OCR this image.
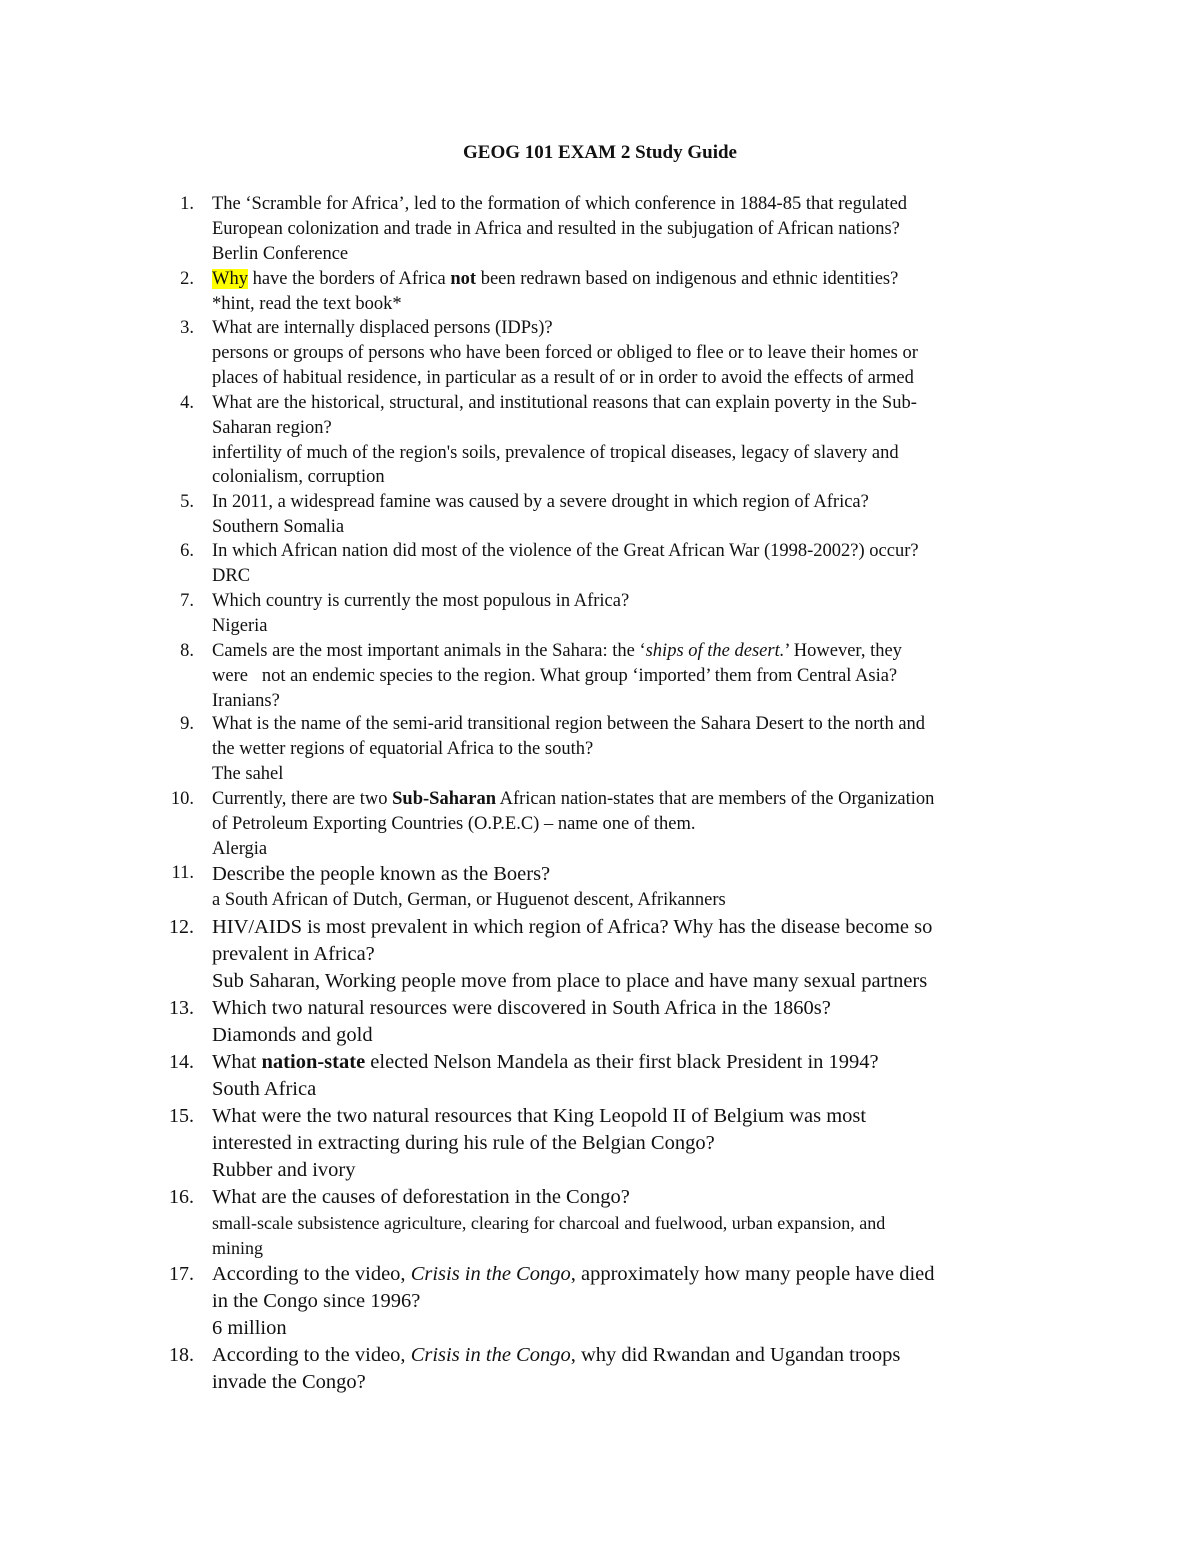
GEOG 101 EXAM 2 Study Guide
1. The ‘Scramble for Africa’, led to the formation of which conference in 1884-85 that regulated
European colonization and trade in Africa and resulted in the subjugation of African nations?
Berlin Conference
2. Why have the borders of Africa not been redrawn based on indigenous and ethnic identities?
*hint, read the text book*
3. What are internally displaced persons (IDPs)?
persons or groups of persons who have been forced or obliged to flee or to leave their homes or
places of habitual residence, in particular as a result of or in order to avoid the effects of armed
4. What are the historical, structural, and institutional reasons that can explain poverty in the Sub-
Saharan region?
infertility of much of the region's soils, prevalence of tropical diseases, legacy of slavery and
colonialism, corruption
5. In 2011, a widespread famine was caused by a severe drought in which region of Africa?
Southern Somalia
6. In which African nation did most of the violence of the Great African War (1998-2002?) occur?
DRC
7. Which country is currently the most populous in Africa?
Nigeria
8. Camels are the most important animals in the Sahara: the ‘ships of the desert.’ However, they
were   not an endemic species to the region. What group ‘imported’ them from Central Asia?
Iranians?
9. What is the name of the semi-arid transitional region between the Sahara Desert to the north and
the wetter regions of equatorial Africa to the south?
The sahel
10. Currently, there are two Sub-Saharan African nation-states that are members of the Organization
of Petroleum Exporting Countries (O.P.E.C) – name one of them.
Alergia
11. Describe the people known as the Boers?
a South African of Dutch, German, or Huguenot descent, Afrikanners
12. HIV/AIDS is most prevalent in which region of Africa? Why has the disease become so
prevalent in Africa?
Sub Saharan, Working people move from place to place and have many sexual partners
13. Which two natural resources were discovered in South Africa in the 1860s?
Diamonds and gold
14. What nation-state elected Nelson Mandela as their first black President in 1994?
South Africa
15. What were the two natural resources that King Leopold II of Belgium was most
interested in extracting during his rule of the Belgian Congo?
Rubber and ivory
16. What are the causes of deforestation in the Congo?
small-scale subsistence agriculture, clearing for charcoal and fuelwood, urban expansion, and
mining
17. According to the video, Crisis in the Congo, approximately how many people have died
in the Congo since 1996?
6 million
18. According to the video, Crisis in the Congo, why did Rwandan and Ugandan troops
invade the Congo?
